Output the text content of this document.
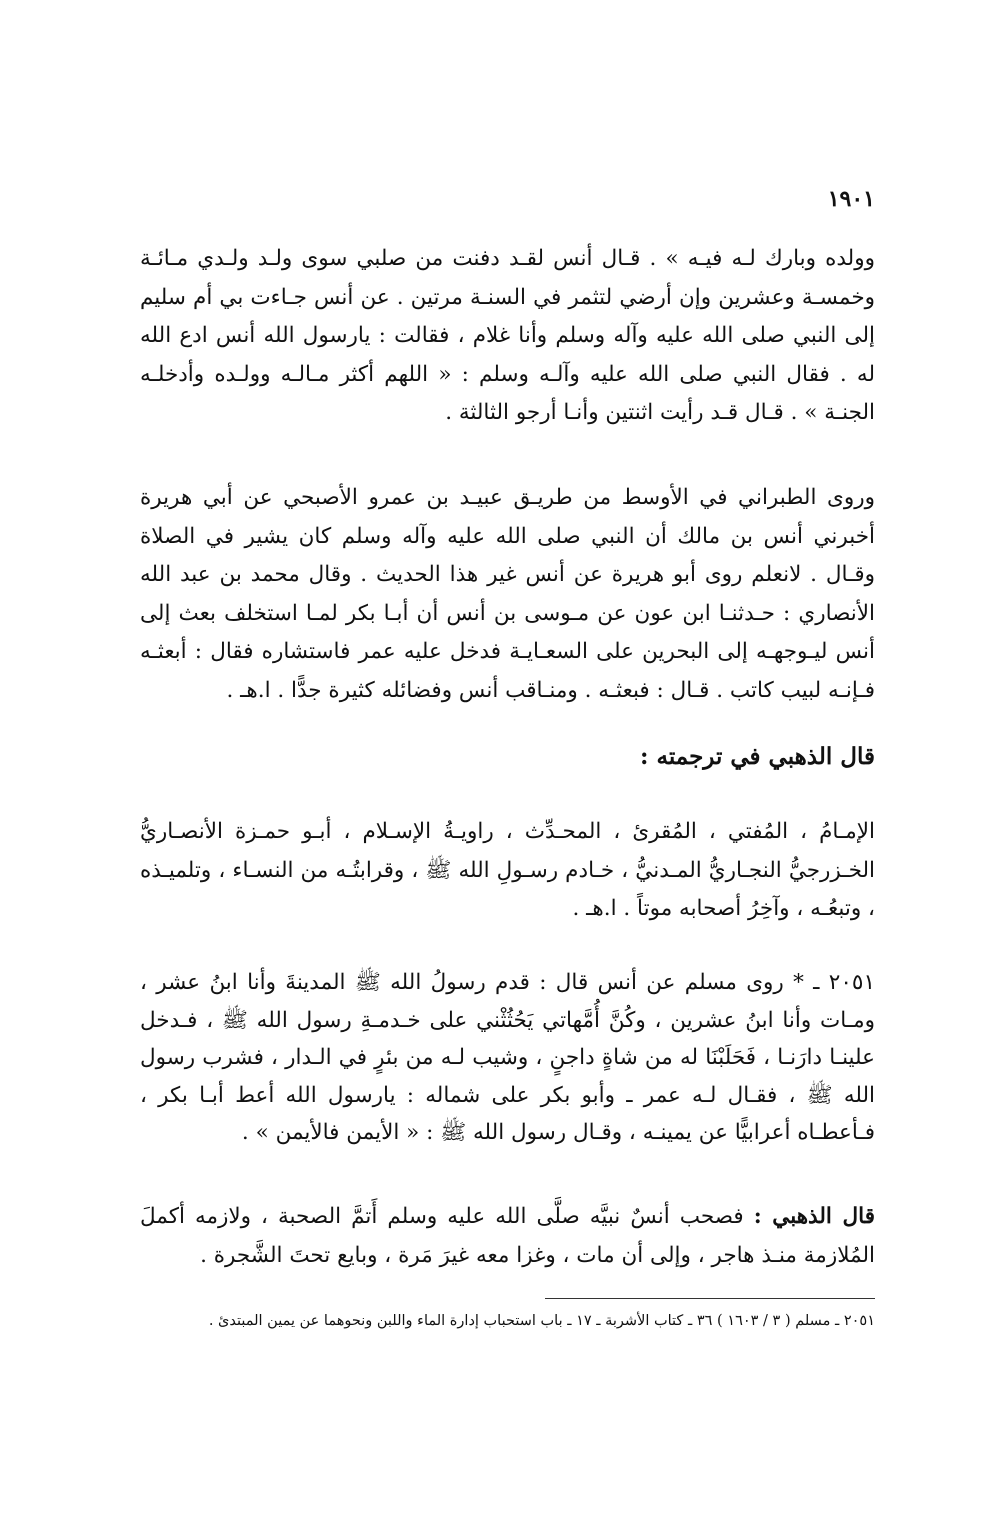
١٩٠١
وولده وبارك لـه فيـه » . قـال أنس لقـد دفنت من صلبي سوى ولـد ولـدي مـائـة وخمسـة وعشرين وإن أرضي لتثمر في السنـة مرتين . عن أنس جـاءت بي أم سليم إلى النبي صلى الله عليه وآله وسلم وأنا غلام ، فقالت : يارسول الله أنس ادع الله له . فقال النبي صلى الله عليه وآلـه وسلم : « اللهم أكثر مـالـه وولـده وأدخلـه الجنـة » . قـال قـد رأيت اثنتين وأنـا أرجو الثالثة .
وروى الطبراني في الأوسط من طريـق عبيـد بن عمرو الأصبحي عن أبي هريرة أخبرني أنس بن مالك أن النبي صلى الله عليه وآله وسلم كان يشير في الصلاة وقـال . لانعلم روى أبو هريرة عن أنس غير هذا الحديث . وقال محمد بن عبد الله الأنصاري : حـدثنـا ابن عون عن مـوسى بن أنس أن أبـا بكر لمـا استخلف بعث إلى أنس ليـوجهـه إلى البحرين على السعـايـة فدخل عليه عمر فاستشاره فقال : أبعثـه فـإنـه لبيب كاتب . قـال : فبعثـه . ومنـاقب أنس وفضائله كثيرة جدًّا . ا.هـ .
قال الذهبي في ترجمته :
الإمـامُ ، المُفتي ، المُقرئ ، المحـدِّث ، راويـةُ الإسـلام ، أبـو حمـزة الأنصـاريُّ الخـزرجيُّ النجـاريُّ المـدنيُّ ، خـادم رسـولِ الله ﷺ ، وقرابتُـه من النسـاء ، وتلميـذه ، وتبعُـه ، وآخِرُ أصحابه موتاً . ا.هـ .
٢٠٥١ ـ * روى مسلم عن أنس قال : قدم رسولُ الله ﷺ المدينةَ وأنا ابنُ عشر ، ومـات وأنا ابنُ عشرين ، وكُنَّ أُمَّهاتي يَحُثُثْني على خـدمـةِ رسول الله ﷺ ، فـدخل علينـا دارَنـا ، فَحَلَبْنَا له من شاةٍ داجنٍ ، وشيب لـه من بئرٍ في الـدار ، فشرب رسول الله ﷺ ، فقـال لـه عمر ـ وأبو بكر على شماله : يارسول الله أعط أبـا بكر ، فـأعطـاه أعرابيًّا عن يمينـه ، وقـال رسول الله ﷺ : « الأيمن فالأيمن » .
قال الذهبي : فصحب أنسٌ نبيَّه صلَّى الله عليه وسلم أَتمَّ الصحبة ، ولازمه أكملَ المُلازمة منـذ هاجر ، وإلى أن مات ، وغزا معه غيرَ مَرة ، وبايع تحتَ الشَّجرة .
٢٠٥١ ـ مسلم ( ٣ / ١٦٠٣ ) ٣٦ ـ كتاب الأشربة ـ ١٧ ـ باب استحباب إدارة الماء واللبن ونحوهما عن يمين المبتدئ .
